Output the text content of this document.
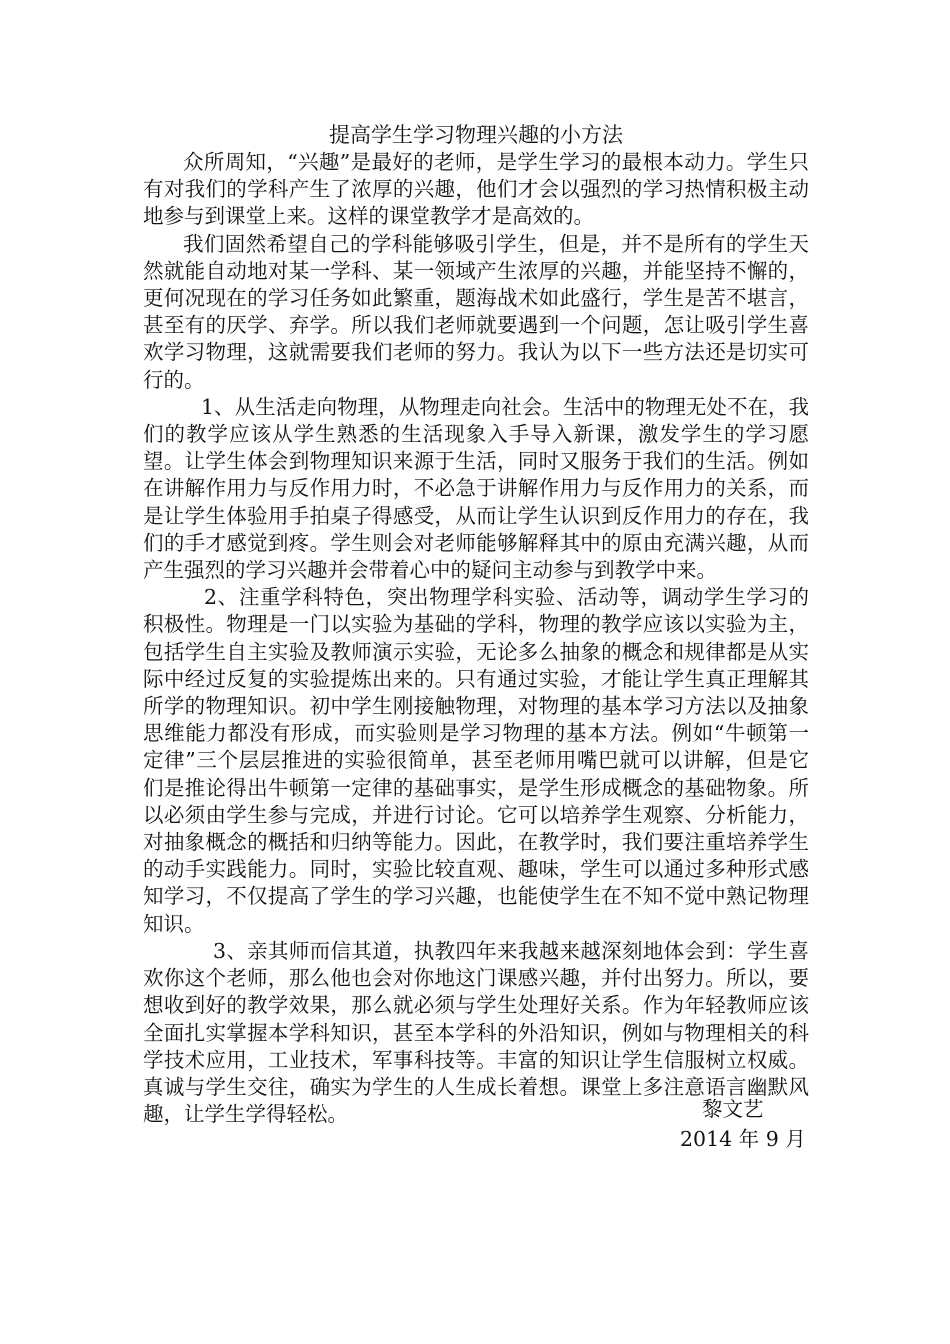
提高学生学习物理兴趣的小方法

众所周知，“兴趣”是最好的老师，是学生学习的最根本动力。学生只有对我们的学科产生了浓厚的兴趣，他们才会以强烈的学习热情积极主动地参与到课堂上来。这样的课堂教学才是高效的。

我们固然希望自己的学科能够吸引学生，但是，并不是所有的学生天然就能自动地对某一学科、某一领域产生浓厚的兴趣，并能坚持不懈的，更何况现在的学习任务如此繁重，题海战术如此盛行，学生是苦不堪言，甚至有的厌学、弃学。所以我们老师就要遇到一个问题，怎让吸引学生喜欢学习物理，这就需要我们老师的努力。我认为以下一些方法还是切实可行的。

1、从生活走向物理，从物理走向社会。生活中的物理无处不在，我们的教学应该从学生熟悉的生活现象入手导入新课，激发学生的学习愿望。让学生体会到物理知识来源于生活，同时又服务于我们的生活。例如在讲解作用力与反作用力时，不必急于讲解作用力与反作用力的关系，而是让学生体验用手拍桌子得感受，从而让学生认识到反作用力的存在，我们的手才感觉到疼。学生则会对老师能够解释其中的原由充满兴趣，从而产生强烈的学习兴趣并会带着心中的疑问主动参与到教学中来。

2、注重学科特色，突出物理学科实验、活动等，调动学生学习的积极性。物理是一门以实验为基础的学科，物理的教学应该以实验为主，包括学生自主实验及教师演示实验，无论多么抽象的概念和规律都是从实际中经过反复的实验提炼出来的。只有通过实验，才能让学生真正理解其所学的物理知识。初中学生刚接触物理，对物理的基本学习方法以及抽象思维能力都没有形成，而实验则是学习物理的基本方法。例如“牛顿第一定律”三个层层推进的实验很简单，甚至老师用嘴巴就可以讲解，但是它们是推论得出牛顿第一定律的基础事实，是学生形成概念的基础物象。所以必须由学生参与完成，并进行讨论。它可以培养学生观察、分析能力，对抽象概念的概括和归纳等能力。因此，在教学时，我们要注重培养学生的动手实践能力。同时，实验比较直观、趣味，学生可以通过多种形式感知学习，不仅提高了学生的学习兴趣，也能使学生在不知不觉中熟记物理知识。

3、亲其师而信其道，执教四年来我越来越深刻地体会到：学生喜欢你这个老师，那么他也会对你地这门课感兴趣，并付出努力。所以，要想收到好的教学效果，那么就必须与学生处理好关系。作为年轻教师应该全面扎实掌握本学科知识，甚至本学科的外沿知识，例如与物理相关的科学技术应用，工业技术，军事科技等。丰富的知识让学生信服树立权威。真诚与学生交往，确实为学生的人生成长着想。课堂上多注意语言幽默风趣，让学生学得轻松。	黎文艺
2014 年 9 月
